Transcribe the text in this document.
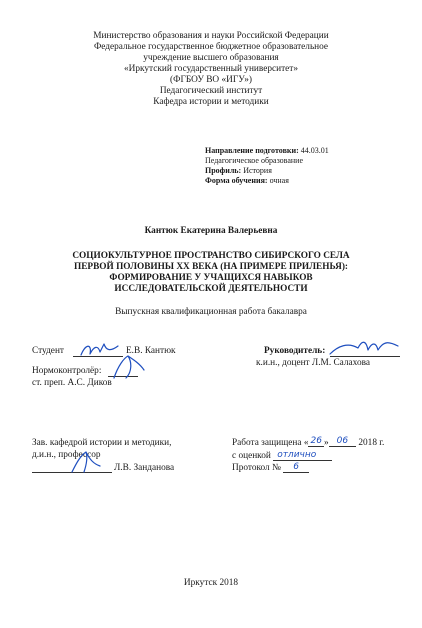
Министерство образования и науки Российской Федерации
Федеральное государственное бюджетное образовательное
учреждение высшего образования
«Иркутский государственный университет»
(ФГБОУ ВО «ИГУ»)
Педагогический институт
Кафедра истории и методики
Направление подготовки: 44.03.01
Педагогическое образование
Профиль: История
Форма обучения: очная
Кантюк Екатерина Валерьевна
СОЦИОКУЛЬТУРНОЕ ПРОСТРАНСТВО СИБИРСКОГО СЕЛА
ПЕРВОЙ ПОЛОВИНЫ XX ВЕКА (НА ПРИМЕРЕ ПРИЛЕНЬЯ):
ФОРМИРОВАНИЕ У УЧАЩИХСЯ НАВЫКОВ
ИССЛЕДОВАТЕЛЬСКОЙ ДЕЯТЕЛЬНОСТИ
Выпускная квалификационная работа бакалавра
Студент	Е.В. Кантюк	Руководитель:
к.и.н., доцент Л.М. Салахова
Нормоконтролёр:
ст. преп. А.С. Диков
Зав. кафедрой истории и методики,
д.и.н., профессор
Л.В. Занданова
Работа защищена « 26 » 06 2018 г.
с оценкой отлично
Протокол № 6
Иркутск 2018
